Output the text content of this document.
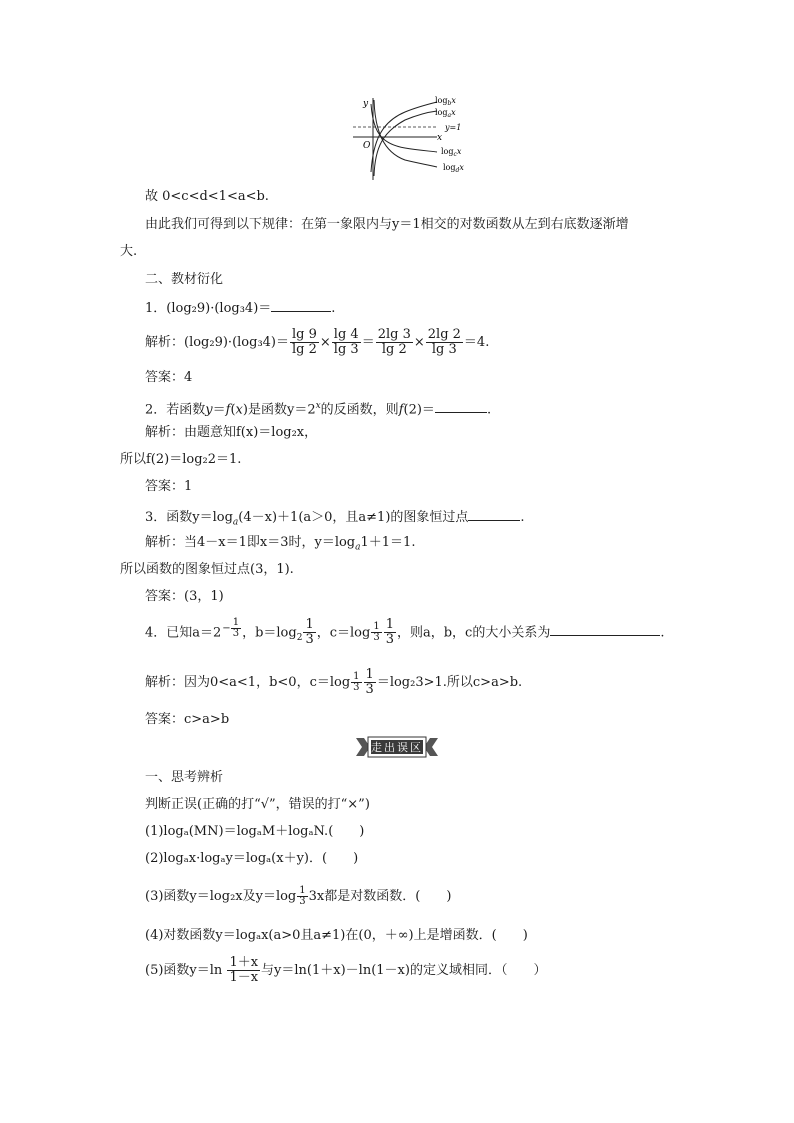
y
x
O
$\log_bx$
$\log_ax$
y=1
$\log_cx$
$\log_dx$
故 0<c<d<1<a<b.
由此我们可得到以下规律：在第一象限内与y＝1相交的对数函数从左到右底数逐渐增
大.
二、教材衍化
1．(log₂9)·(log₃4)＝	.
解析：$(\log_29)\cdot(\log_34)= \frac{\lg 9}{\lg 2} \times \frac{\lg 4}{\lg 3} = \frac{2\lg 3}{\lg 2} \times \frac{2\lg 2}{\lg 3} =4$.
答案：4
2．若函数y＝f(x)是函数$y=2^x$的反函数，则f(2)＝	.
解析：由题意知f(x)＝log₂x，
所以f(2)＝log₂2＝1.
答案：1
3．函数$y=\log_a(4-x)+1(a>0$，且a≠1)的图象恒过点	.
解析：当4－x＝1即x＝3时，$y=\log_a1+1=1$.
所以函数的图象恒过点(3，1).
答案：(3，1)
4．已知$a=2- \frac{1}{3}$ ，$b=\log_2 \frac{1}{3}$ ，$c=\log \frac{1}{3} \frac{1}{3}$ ，则a，b，c的大小关系为	.
解析：因为0<a<1，b<0，$c=\log \frac{1}{3} \frac{1}{3} =\log_23>1$.所以c>a>b.
答案：c>a>b
走出误区
一、思考辨析
判断正误(正确的打“√”，错误的打“×”)
(1)logₐ(MN)＝logₐM＋logₐN.(　　)
(2)logₐx·logₐy＝logₐ(x＋y)．(　　)
(3)函数y＝log₂x及$y=\log \frac{1}{3} 3x$都是对数函数．(　　)
(4)对数函数y＝logₐx(a>0且a≠1)在(0，＋∞)上是增函数．(　　)
(5)函数$y=\ln \frac{1+x}{1-x}$ 与y＝ln(1＋x)－ln(1－x)的定义域相同．（　　）
